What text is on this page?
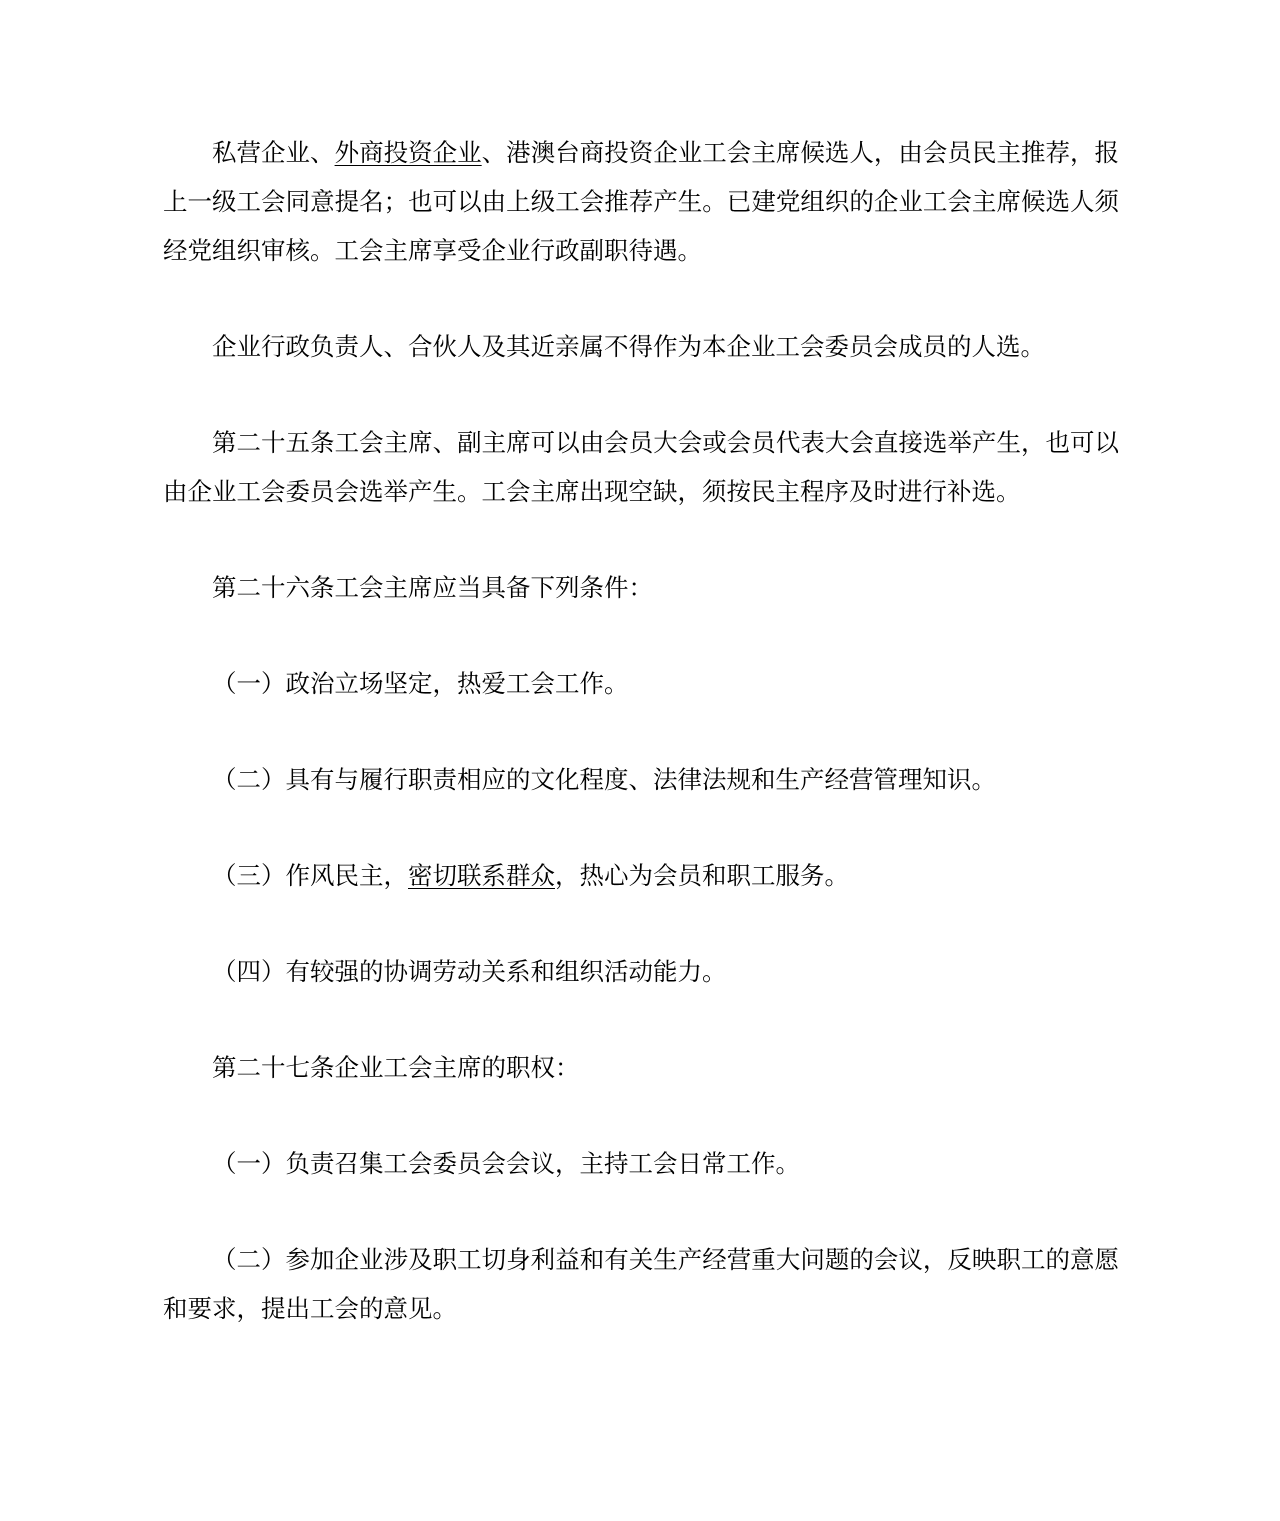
私营企业、外商投资企业、港澳台商投资企业工会主席候选人，由会员民主推荐，报上一级工会同意提名；也可以由上级工会推荐产生。已建党组织的企业工会主席候选人须经党组织审核。工会主席享受企业行政副职待遇。

企业行政负责人、合伙人及其近亲属不得作为本企业工会委员会成员的人选。

第二十五条工会主席、副主席可以由会员大会或会员代表大会直接选举产生，也可以由企业工会委员会选举产生。工会主席出现空缺，须按民主程序及时进行补选。

第二十六条工会主席应当具备下列条件：

（一）政治立场坚定，热爱工会工作。

（二）具有与履行职责相应的文化程度、法律法规和生产经营管理知识。

（三）作风民主，密切联系群众，热心为会员和职工服务。

（四）有较强的协调劳动关系和组织活动能力。

第二十七条企业工会主席的职权：

（一）负责召集工会委员会会议，主持工会日常工作。

（二）参加企业涉及职工切身利益和有关生产经营重大问题的会议，反映职工的意愿和要求，提出工会的意见。
